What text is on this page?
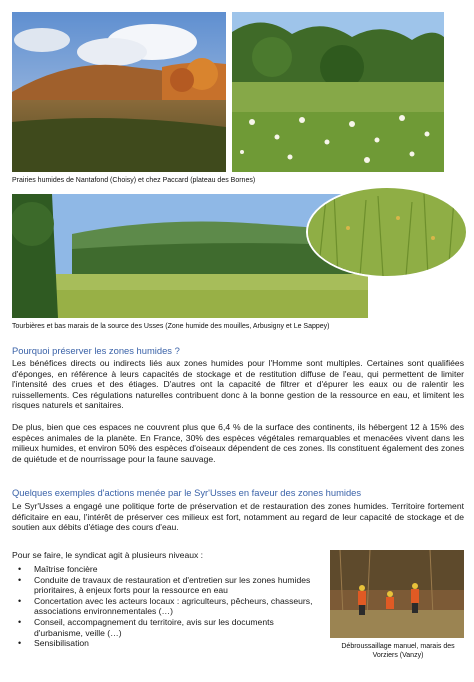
Prairies humides de Nantafond (Choisy) et chez Paccard (plateau des Bornes)
Tourbières et bas marais de la source des Usses (Zone humide des mouilles, Arbusigny et Le Sappey)
Pourquoi préserver les zones humides ?

Les bénéfices directs ou indirects liés aux zones humides pour l'Homme sont multiples. Certaines sont qualifiées d'éponges, en référence à leurs capacités de stockage et de restitution diffuse de l'eau, qui permettent de limiter l'intensité des crues et des étiages. D'autres ont la capacité de filtrer et d'épurer les eaux ou de ralentir les ruissellements. Ces régulations naturelles contribuent donc à la bonne gestion de la ressource en eau, et limitent les risques naturels et sanitaires.

De plus, bien que ces espaces ne couvrent plus que 6,4 % de la surface des continents, ils hébergent 12 à 15% des espèces animales de la planète. En France, 30% des espèces végétales remarquables et menacées vivent dans les milieux humides, et environ 50% des espèces d'oiseaux dépendent de ces zones. Ils constituent également des zones de quiétude et de nourrissage pour la faune sauvage.

Quelques exemples d'actions menée par le Syr'Usses en faveur des zones humides

Le Syr'Usses a engagé une politique forte de préservation et de restauration des zones humides. Territoire fortement déficitaire en eau, l'intérêt de préserver ces milieux est fort, notamment au regard de leur capacité de stockage et de soutien aux débits d'étiage des cours d'eau.

Pour se faire, le syndicat agit à plusieurs niveaux :

• Maîtrise foncière
• Conduite de travaux de restauration et d'entretien sur les zones humides prioritaires, à enjeux forts pour la ressource en eau
• Concertation avec les acteurs locaux : agriculteurs, pêcheurs, chasseurs, associations environnementales (…)
• Conseil, accompagnement du territoire, avis sur les documents d'urbanisme, veille (…)
• Sensibilisation	Débroussaillage manuel, marais des Vorziers (Vanzy)
